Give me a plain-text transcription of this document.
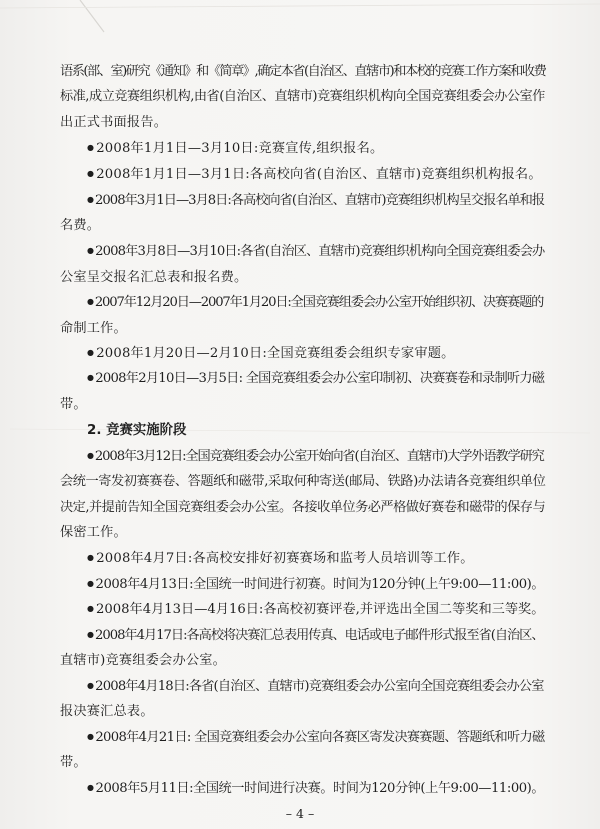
语系(部、室)研究《通知》和《简章》,确定本省(自治区、直辖市)和本校的竞赛工作方案和收费
标准,成立竞赛组织机构,由省(自治区、直辖市)竞赛组织机构向全国竞赛组委会办公室作
出正式书面报告。
● 2008年1月1日—3月10日:竞赛宣传,组织报名。
● 2008年1月1日—3月1日:各高校向省(自治区、直辖市)竞赛组织机构报名。
● 2008年3月1日—3月8日:各高校向省(自治区、直辖市)竞赛组织机构呈交报名单和报
名费。
● 2008年3月8日—3月10日:各省(自治区、直辖市)竞赛组织机构向全国竞赛组委会办
公室呈交报名汇总表和报名费。
● 2007年12月20日—2007年1月20日:全国竞赛组委会办公室开始组织初、决赛赛题的
命制工作。
● 2008年1月20日—2月10日:全国竞赛组委会组织专家审题。
● 2008年2月10日—3月5日: 全国竞赛组委会办公室印制初、决赛赛卷和录制听力磁
带。
2. 竞赛实施阶段
● 2008年3月12日:全国竞赛组委会办公室开始向省(自治区、直辖市)大学外语教学研究
会统一寄发初赛赛卷、答题纸和磁带,采取何种寄送(邮局、铁路)办法请各竞赛组织单位
决定,并提前告知全国竞赛组委会办公室。各接收单位务必严格做好赛卷和磁带的保存与
保密工作。
● 2008年4月7日:各高校安排好初赛赛场和监考人员培训等工作。
● 2008年4月13日:全国统一时间进行初赛。时间为120分钟(上午9:00—11:00)。
● 2008年4月13日—4月16日:各高校初赛评卷,并评选出全国二等奖和三等奖。
● 2008年4月17日:各高校将决赛汇总表用传真、电话或电子邮件形式报至省(自治区、
直辖市)竞赛组委会办公室。
● 2008年4月18日:各省(自治区、直辖市)竞赛组委会办公室向全国竞赛组委会办公室
报决赛汇总表。
● 2008年4月21日: 全国竞赛组委会办公室向各赛区寄发决赛赛题、答题纸和听力磁
带。
● 2008年5月11日:全国统一时间进行决赛。时间为120分钟(上午9:00—11:00)。
– 4 –
